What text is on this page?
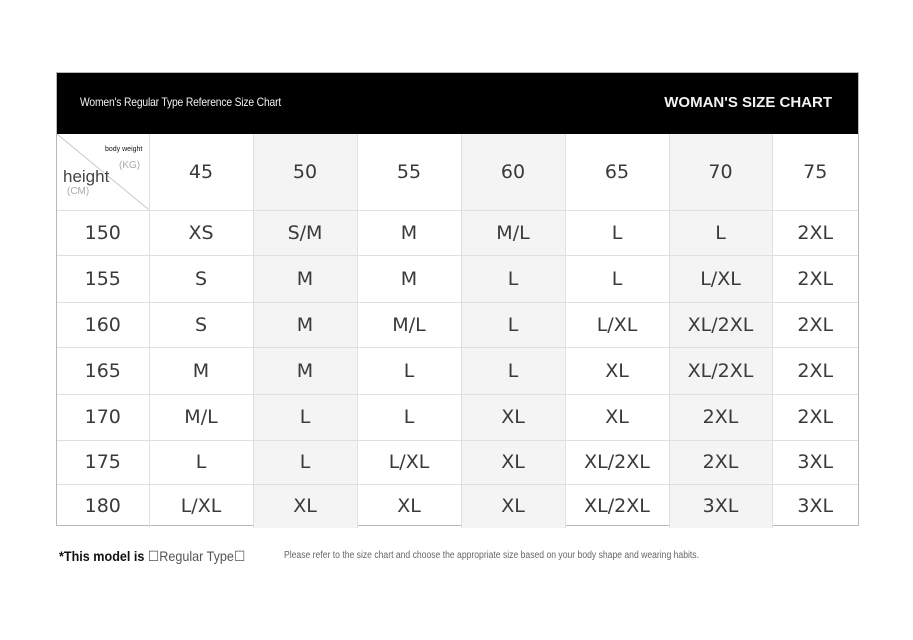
Women's Regular Type Reference Size Chart	WOMAN'S SIZE CHART
body weight
(KG)
height
(CM)	45	50	55	60	65	70	75
150	XS	S/M	M	M/L	L	L	2XL
155	S	M	M	L	L	L/XL	2XL
160	S	M	M/L	L	L/XL	XL/2XL	2XL
165	M	M	L	L	XL	XL/2XL	2XL
170	M/L	L	L	XL	XL	2XL	2XL
175	L	L	L/XL	XL	XL/2XL	2XL	3XL
180	L/XL	XL	XL	XL	XL/2XL	3XL	3XL
*This model is ☐Regular Type☐	Please refer to the size chart and choose the appropriate size based on your body shape and wearing habits.
